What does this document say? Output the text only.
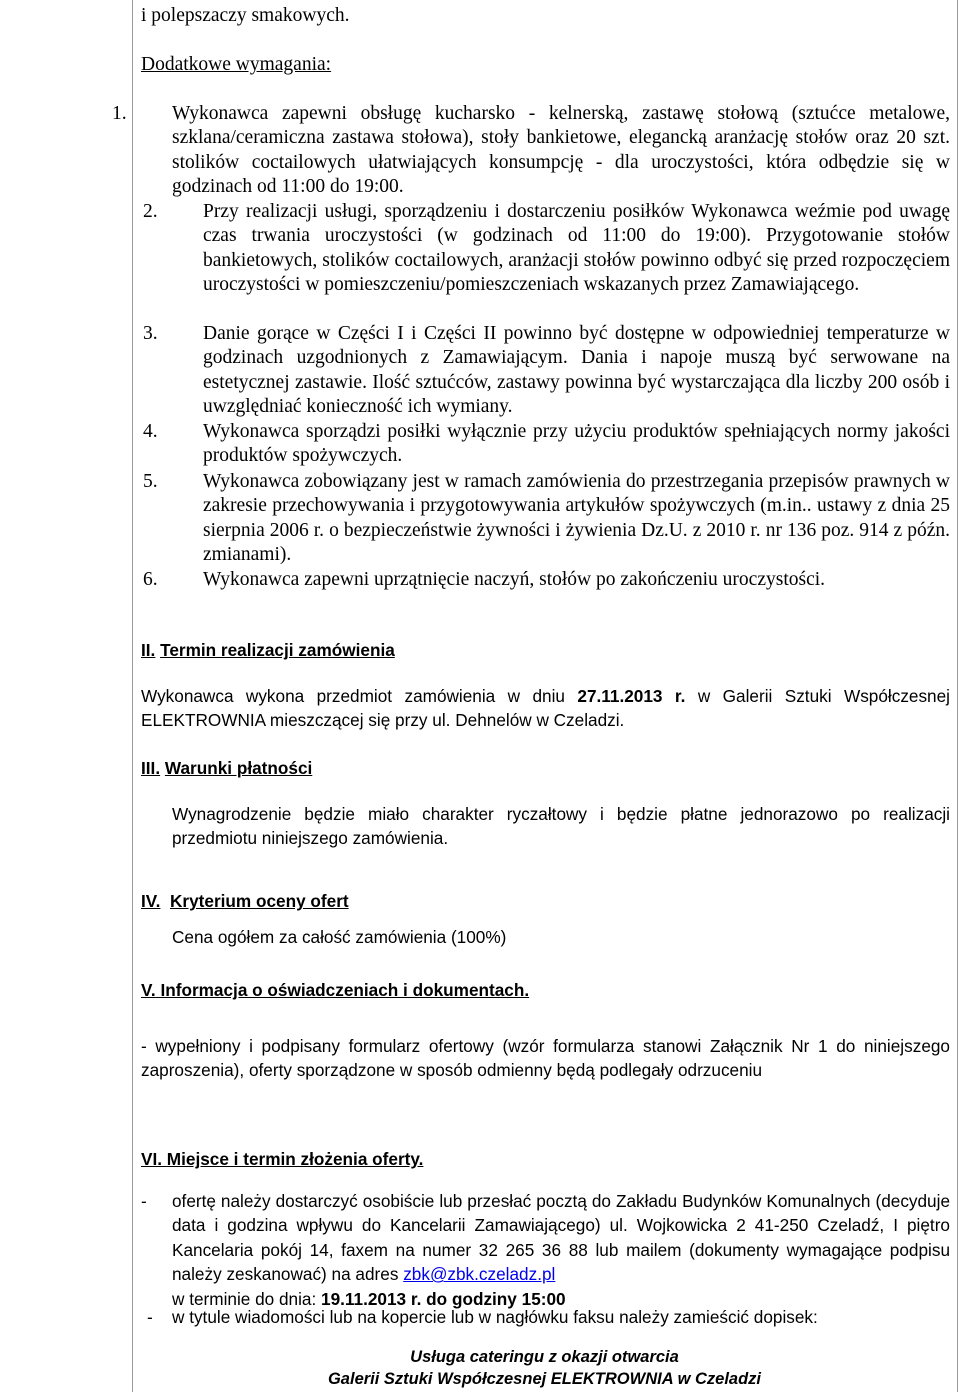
i polepszaczy smakowych.
Dodatkowe wymagania:

1. Wykonawca zapewni obsługę kucharsko - kelnerską, zastawę stołową (sztućce metalowe, szklana/ceramiczna zastawa stołowa), stoły bankietowe, elegancką aranżację stołów oraz 20 szt. stolików coctailowych ułatwiających konsumpcję - dla uroczystości, która odbędzie się w godzinach od 11:00 do 19:00.

2. Przy realizacji usługi, sporządzeniu i dostarczeniu posiłków Wykonawca weźmie pod uwagę czas trwania uroczystości (w godzinach od 11:00 do 19:00). Przygotowanie stołów bankietowych, stolików coctailowych, aranżacji stołów powinno odbyć się przed rozpoczęciem uroczystości w pomieszczeniu/pomieszczeniach wskazanych przez Zamawiającego.

3. Danie gorące w Części I i Części II powinno być dostępne w odpowiedniej temperaturze w godzinach uzgodnionych z Zamawiającym. Dania i napoje muszą być serwowane na estetycznej zastawie. Ilość sztućców, zastawy powinna być wystarczająca dla liczby 200 osób i uwzględniać konieczność ich wymiany.

4. Wykonawca sporządzi posiłki wyłącznie przy użyciu produktów spełniających normy jakości produktów spożywczych.

5. Wykonawca zobowiązany jest w ramach zamówienia do przestrzegania przepisów prawnych w zakresie przechowywania i przygotowywania artykułów spożywczych (m.in.. ustawy z dnia 25 sierpnia 2006 r. o bezpieczeństwie żywności i żywienia Dz.U. z 2010 r. nr 136 poz. 914 z późn. zmianami).

6. Wykonawca zapewni uprzątnięcie naczyń, stołów po zakończeniu uroczystości.

II. Termin realizacji zamówienia

Wykonawca wykona przedmiot zamówienia w dniu 27.11.2013 r. w Galerii Sztuki Współczesnej ELEKTROWNIA mieszczącej się przy ul. Dehnelów w Czeladzi.

III. Warunki płatności
Wynagrodzenie będzie miało charakter ryczałtowy i będzie płatne jednorazowo po realizacji przedmiotu niniejszego zamówienia.
IV. Kryterium oceny ofert
Cena ogółem za całość zamówienia (100%)
V. Informacja o oświadczeniach i dokumentach.
- wypełniony i podpisany formularz ofertowy (wzór formularza stanowi Załącznik Nr 1 do niniejszego zaproszenia), oferty sporządzone w sposób odmienny będą podlegały odrzuceniu
VI. Miejsce i termin złożenia oferty.
- ofertę należy dostarczyć osobiście lub przesłać pocztą do Zakładu Budynków Komunalnych (decyduje data i godzina wpływu do Kancelarii Zamawiającego) ul. Wojkowicka 2 41-250 Czeladź, I piętro Kancelaria pokój 14, faxem na numer 32 265 36 88 lub mailem (dokumenty wymagające podpisu należy zeskanować) na adres zbk@zbk.czeladz.pl

w terminie do dnia: 19.11.2013 r. do godziny 15:00

- w tytule wiadomości lub na kopercie lub w nagłówku faksu należy zamieścić dopisek:
Usługa cateringu z okazji otwarcia
Galerii Sztuki Współczesnej ELEKTROWNIA w Czeladzi
